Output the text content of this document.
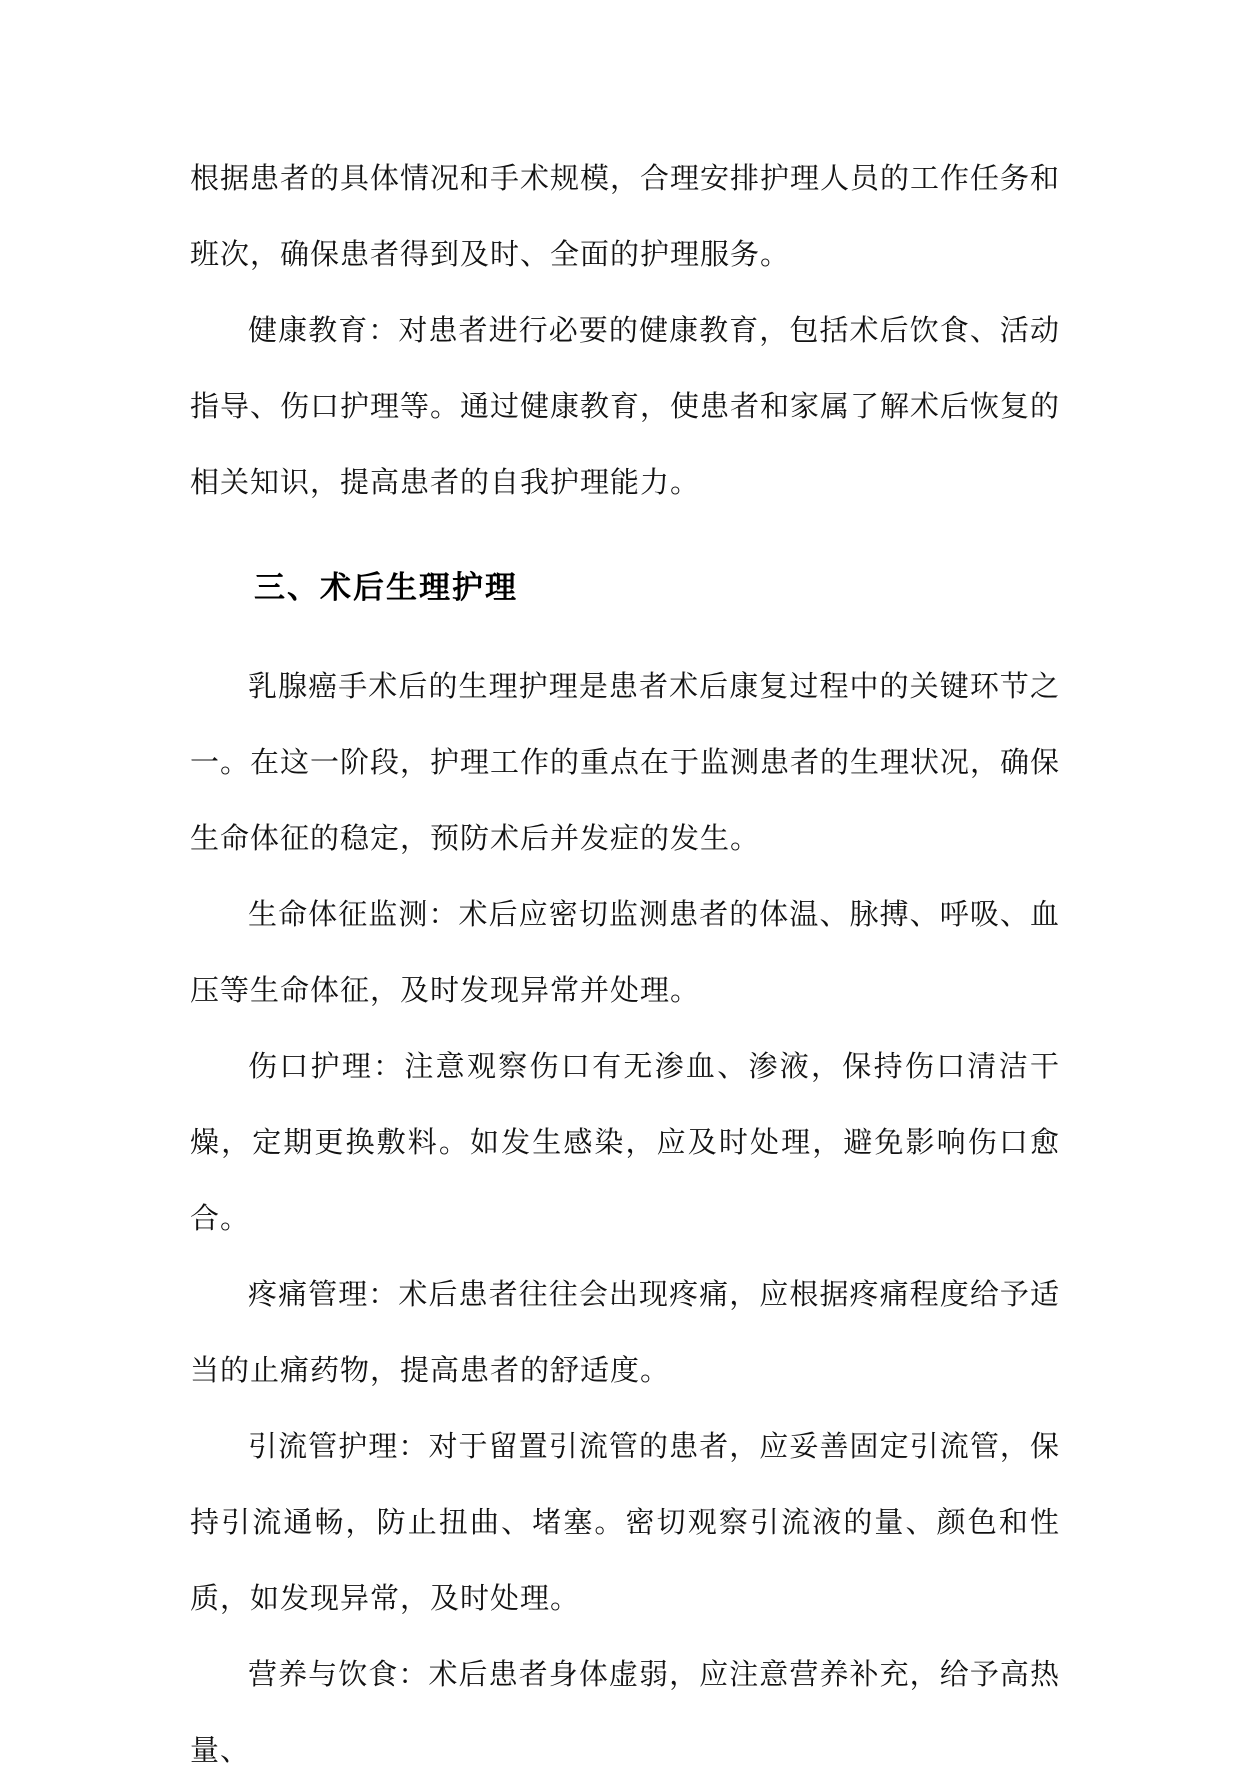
根据患者的具体情况和手术规模，合理安排护理人员的工作任务和班次，确保患者得到及时、全面的护理服务。

健康教育：对患者进行必要的健康教育，包括术后饮食、活动指导、伤口护理等。通过健康教育，使患者和家属了解术后恢复的相关知识，提高患者的自我护理能力。

三、术后生理护理

乳腺癌手术后的生理护理是患者术后康复过程中的关键环节之一。在这一阶段，护理工作的重点在于监测患者的生理状况，确保生命体征的稳定，预防术后并发症的发生。

生命体征监测：术后应密切监测患者的体温、脉搏、呼吸、血压等生命体征，及时发现异常并处理。

伤口护理：注意观察伤口有无渗血、渗液，保持伤口清洁干燥，定期更换敷料。如发生感染，应及时处理，避免影响伤口愈合。

疼痛管理：术后患者往往会出现疼痛，应根据疼痛程度给予适当的止痛药物，提高患者的舒适度。

引流管护理：对于留置引流管的患者，应妥善固定引流管，保持引流通畅，防止扭曲、堵塞。密切观察引流液的量、颜色和性质，如发现异常，及时处理。

营养与饮食：术后患者身体虚弱，应注意营养补充，给予高热量、
